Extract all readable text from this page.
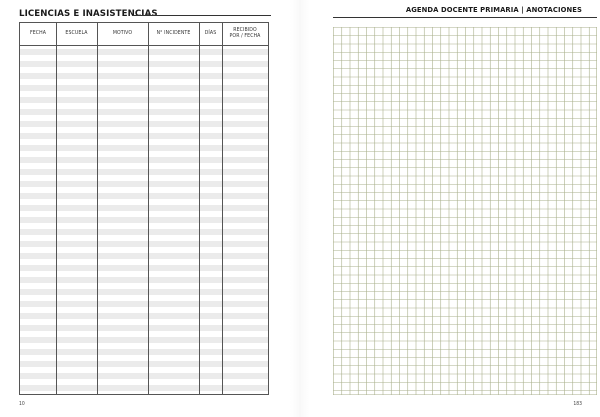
LICENCIAS E INASISTENCIAS
FECHA	ESCUELA	MOTIVO	N° INCIDENTE	DÍAS	RECIBIDO
POR / FECHA
10
AGENDA DOCENTE PRIMARIA | ANOTACIONES
183
